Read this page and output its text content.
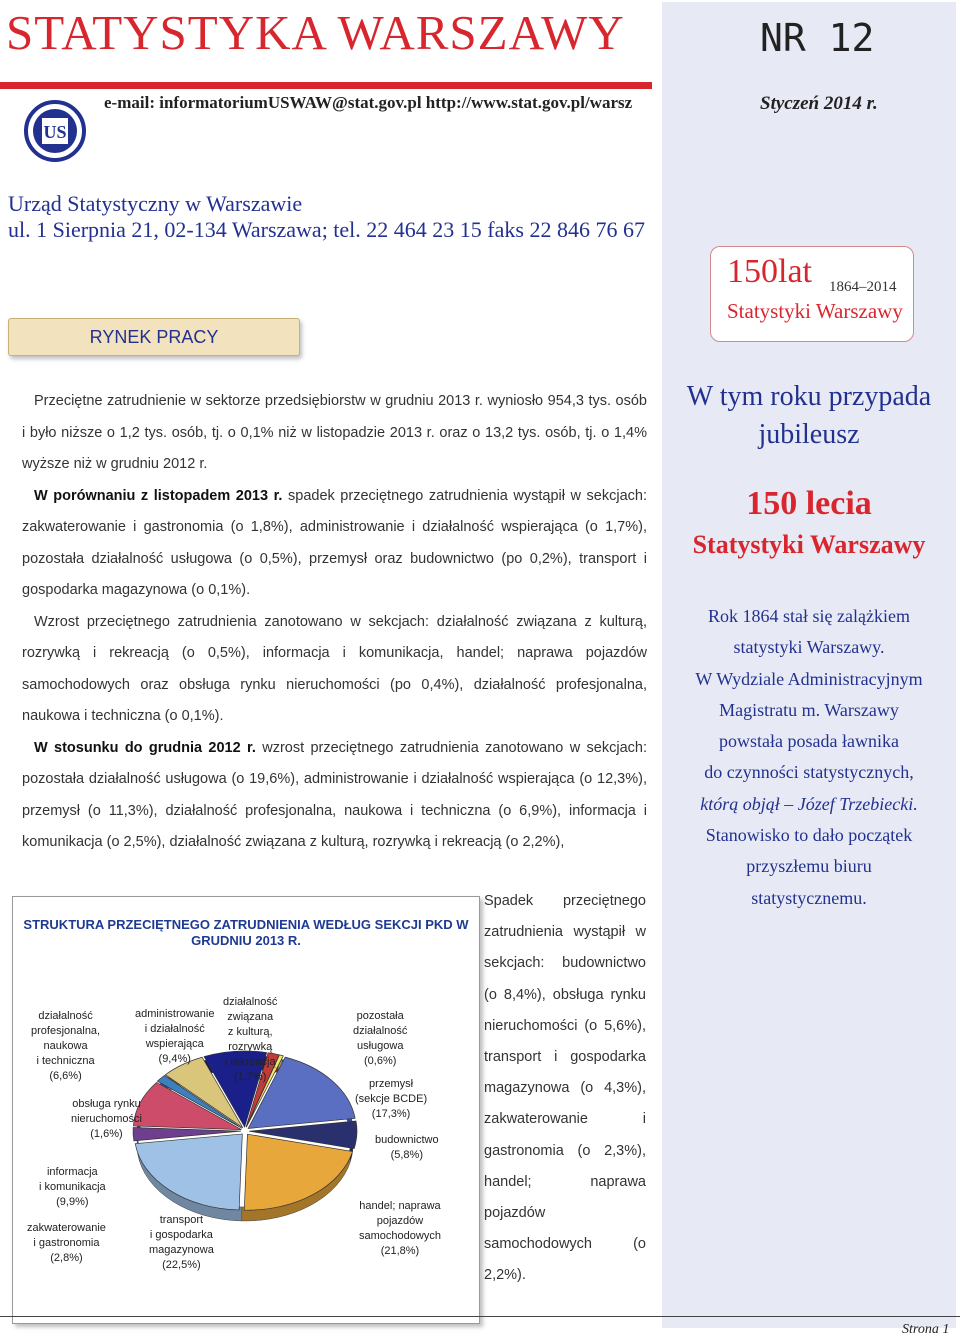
STATYSTYKA WARSZAWY	NR 12
e-mail: informatoriumUSWAW@stat.gov.pl http://www.stat.gov.pl/warsz	Styczeń 2014 r.
US
Urząd Statystyczny w Warszawie
ul. 1 Sierpnia 21, 02-134 Warszawa; tel. 22 464 23 15 faks 22 846 76 67
RYNEK PRACY

Przeciętne zatrudnienie w sektorze przedsiębiorstw w grudniu 2013 r. wyniosło 954,3 tys. osób i było niższe o 1,2 tys. osób, tj. o 0,1% niż w listopadzie 2013 r. oraz o 13,2 tys. osób, tj. o 1,4% wyższe niż w grudniu 2012 r.

W porównaniu z listopadem 2013 r. spadek przeciętnego zatrudnienia wystąpił w sekcjach: zakwaterowanie i gastronomia (o 1,8%), administrowanie i działalność wspierająca (o 1,7%), pozostała działalność usługowa (o 0,5%), przemysł oraz budownictwo (po 0,2%), transport i gospodarka magazynowa (o 0,1%).

Wzrost przeciętnego zatrudnienia zanotowano w sekcjach: działalność związana z kulturą, rozrywką i rekreacją (o 0,5%), informacja i komunikacja, handel; naprawa pojazdów samochodowych oraz obsługa rynku nieruchomości (po 0,4%), działalność profesjonalna, naukowa i techniczna (o 0,1%).

W stosunku do grudnia 2012 r. wzrost przeciętnego zatrudnienia zanotowano w sekcjach: pozostała działalność usługowa (o 19,6%), administrowanie i działalność wspierająca (o 12,3%), przemysł (o 11,3%), działalność profesjonalna, naukowa i techniczna (o 6,9%), informacja i komunikacja (o 2,5%), działalność związana z kulturą, rozrywką i rekreacją (o 2,2%),

STRUKTURA PRZECIĘTNEGO ZATRUDNIENIA WEDŁUG SEKCJI PKD W GRUDNIU 2013 R.
działalność
profesjonalna,
naukowa
i techniczna
(6,6%)
administrowanie
i działalność
wspierająca
(9,4%)
działalność
związana
z kulturą,
rozrywką
i rekreacją
(1,7%)
pozostała
działalność
usługowa
(0,6%)
przemysł
(sekcje BCDE)
(17,3%)
obsługa rynku
nieruchomości
(1,6%)	budownictwo
(5,8%)
informacja
i komunikacja
(9,9%)	handel; naprawa
pojazdów
samochodowych
(21,8%)
zakwaterowanie
i gastronomia
(2,8%)
transport
i gospodarka
magazynowa
(22,5%)

Spadek przeciętnego zatrudnienia wystąpił w sekcjach: budownictwo (o 8,4%), obsługa rynku nieruchomości (o 5,6%), transport i gospodarka magazynowa (o 4,3%), zakwaterowanie i gastronomia (o 2,3%), handel; naprawa pojazdów samochodowych (o 2,2%).

150lat 1864–2014
Statystyki Warszawy
W tym roku przypada jubileusz
150 lecia
Statystyki Warszawy
Rok 1864 stał się zalążkiem
statystyki Warszawy.
W Wydziale Administracyjnym
Magistratu m. Warszawy
powstała posada ławnika
do czynności statystycznych,
którą objął – Józef Trzebiecki.
Stanowisko to dało początek
przyszłemu biuru
statystycznemu.
Strona 1
